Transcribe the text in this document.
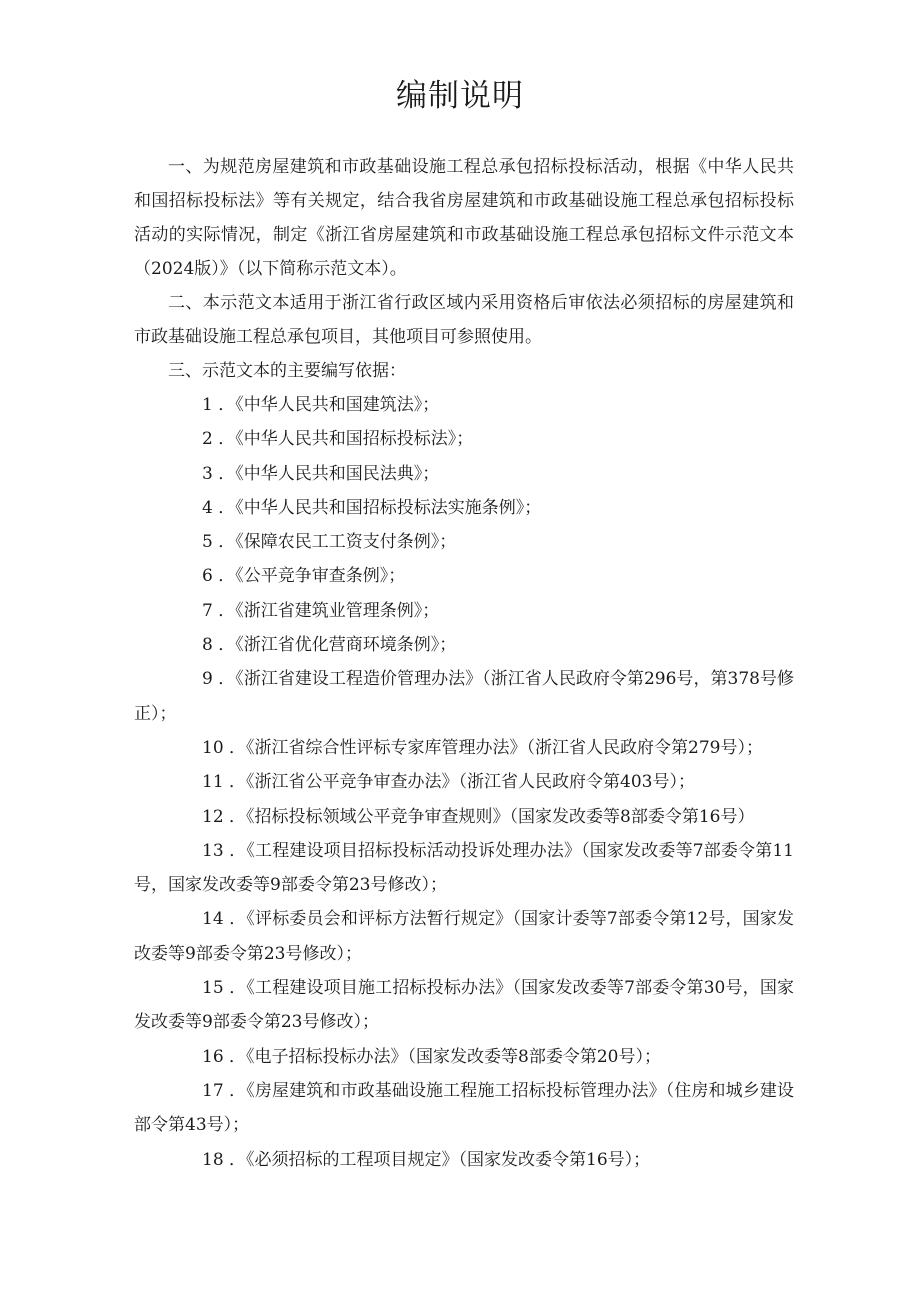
编制说明

一、为规范房屋建筑和市政基础设施工程总承包招标投标活动，根据《中华人民共和国招标投标法》等有关规定，结合我省房屋建筑和市政基础设施工程总承包招标投标活动的实际情况，制定《浙江省房屋建筑和市政基础设施工程总承包招标文件示范文本（2024版）》（以下简称示范文本）。

二、本示范文本适用于浙江省行政区域内采用资格后审依法必须招标的房屋建筑和市政基础设施工程总承包项目，其他项目可参照使用。

三、示范文本的主要编写依据：

1 ．《中华人民共和国建筑法》；

2 ．《中华人民共和国招标投标法》；

3 ．《中华人民共和国民法典》；

4 ．《中华人民共和国招标投标法实施条例》；

5 ．《保障农民工工资支付条例》；

6 ．《公平竞争审查条例》；

7 ．《浙江省建筑业管理条例》；

8 ．《浙江省优化营商环境条例》；

9 ．《浙江省建设工程造价管理办法》（浙江省人民政府令第296号，第378号修正）；

10 ．《浙江省综合性评标专家库管理办法》（浙江省人民政府令第279号）；

11 ．《浙江省公平竞争审查办法》（浙江省人民政府令第403号）；

12 ．《招标投标领域公平竞争审查规则》（国家发改委等8部委令第16号）

13 ．《工程建设项目招标投标活动投诉处理办法》（国家发改委等7部委令第11号，国家发改委等9部委令第23号修改）；

14 ．《评标委员会和评标方法暂行规定》（国家计委等7部委令第12号，国家发改委等9部委令第23号修改）；

15 ．《工程建设项目施工招标投标办法》（国家发改委等7部委令第30号，国家发改委等9部委令第23号修改）；

16 ．《电子招标投标办法》（国家发改委等8部委令第20号）；

17 ．《房屋建筑和市政基础设施工程施工招标投标管理办法》（住房和城乡建设部令第43号）；

18 ．《必须招标的工程项目规定》（国家发改委令第16号）；
